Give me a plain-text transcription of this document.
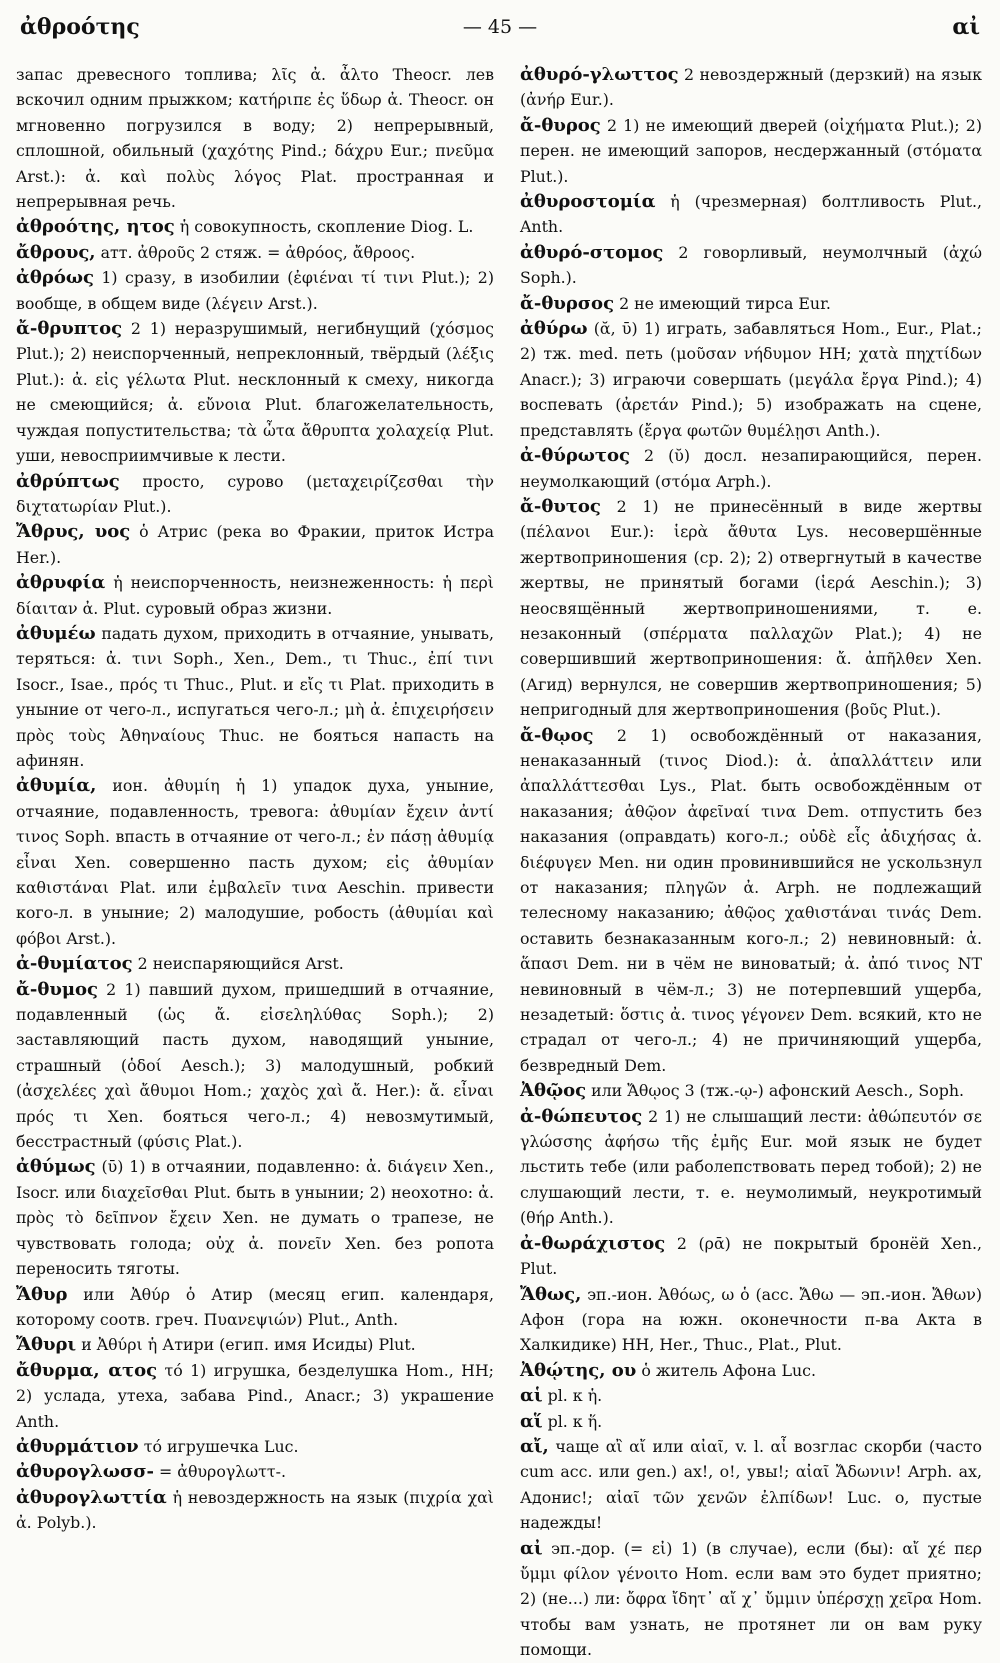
ἀθροότης	— 45 —	αἰ

запас древесного топлива; λῖς ἀ. ἆλτο Theocr. лев вскочил одним прыжком; κατήριπε ἐς ὕδωρ ἀ. Theocr. он мгновенно погрузился в воду; 2) непрерывный, сплошной, обильный (χαχότης Pind.; δάχρυ Eur.; πνεῦμα Arst.): ἀ. καὶ πολὺς λόγος Plat. пространная и непрерывная речь.

ἀθροότης, ητος ἡ совокупность, скопление Diog. L.

ἄθρους, атт. ἀθροῦς 2 стяж. = ἀθρόος, ἄθροος.

ἀθρόως 1) сразу, в изобилии (ἐφιέναι τί τινι Plut.); 2) вообще, в общем виде (λέγειν Arst.).

ἄ-θρυπτος 2 1) неразрушимый, негибнущий (χόσμος Plut.); 2) неиспорченный, непреклонный, твёрдый (λέξις Plut.): ἀ. εἰς γέλωτα Plut. несклонный к смеху, никогда не смеющийся; ἀ. εὔνοια Plut. благожелательность, чуждая попустительства; τὰ ὦτα ἄθρυπτα χολαχείᾳ Plut. уши, невосприимчивые к лести.

ἀθρύπτως просто, сурово (μεταχειρίζεσθαι τὴν διχτατωρίαν Plut.).

Ἄθρυς, υος ὁ Атрис (река во Фракии, приток Истра Her.).

ἀθρυφία ἡ неиспорченность, неизнеженность: ἡ περὶ δίαιταν ἀ. Plut. суровый образ жизни.

ἀθυμέω падать духом, приходить в отчаяние, унывать, теряться: ἀ. τινι Soph., Xen., Dem., τι Thuc., ἐπί τινι Isocr., Isae., πρός τι Thuc., Plut. и εἴς τι Plat. приходить в уныние от чего-л., испугаться чего-л.; μὴ ἀ. ἐπιχειρήσειν πρὸς τοὺς Ἀθηναίους Thuc. не бояться напасть на афинян.

ἀθυμία, ион. ἀθυμίη ἡ 1) упадок духа, уныние, отчаяние, подавленность, тревога: ἀθυμίαν ἔχειν ἀντί τινος Soph. впасть в отчаяние от чего-л.; ἐν πάσῃ ἀθυμίᾳ εἶναι Xen. совершенно пасть духом; εἰς ἀθυμίαν καθιστάναι Plat. или ἐμβαλεῖν τινα Aeschin. привести кого-л. в уныние; 2) малодушие, робость (ἀθυμίαι καὶ φόβοι Arst.).

ἀ-θυμίατος 2 неиспаряющийся Arst.

ἄ-θυμος 2 1) павший духом, пришедший в отчаяние, подавленный (ὡς ἄ. εἰσεληλύθας Soph.); 2) заставляющий пасть духом, наводящий уныние, страшный (ὁδοί Aesch.); 3) малодушный, робкий (ἀσχελέες χαὶ ἄθυμοι Hom.; χαχὸς χαὶ ἄ. Her.): ἄ. εἶναι πρός τι Xen. бояться чего-л.; 4) невозмутимый, бесстрастный (φύσις Plat.).

ἀθύμως (ῡ) 1) в отчаянии, подавленно: ἀ. διάγειν Xen., Isocr. или διαχεῖσθαι Plut. быть в унынии; 2) неохотно: ἀ. πρὸς τὸ δεῖπνον ἔχειν Xen. не думать о трапезе, не чувствовать голода; οὐχ ἀ. πονεῖν Xen. без ропота переносить тяготы.

Ἄθυρ или Ἀθύρ ὁ Атир (месяц егип. календаря, которому соотв. греч. Πυανεψιών) Plut., Anth.

Ἄθυρι и Ἀθύρι ἡ Атири (егип. имя Исиды) Plut.

ἄθυρμα, ατος τό 1) игрушка, безделушка Hom., HH; 2) услада, утеха, забава Pind., Anacr.; 3) украшение Anth.

ἀθυρμάτιον τό игрушечка Luc.

ἀθυρογλωσσ- = ἀθυρογλωττ-.

ἀθυρογλωττία ἡ невоздержность на язык (πιχρία χαὶ ἀ. Polyb.).

ἀθυρό-γλωττος 2 невоздержный (дерзкий) на язык (ἀνήρ Eur.).

ἄ-θυρος 2 1) не имеющий дверей (οἰχήματα Plut.); 2) перен. не имеющий запоров, несдержанный (στόματα Plut.).

ἀθυροστομία ἡ (чрезмерная) болтливость Plut., Anth.

ἀθυρό-στομος 2 говорливый, неумолчный (ἀχώ Soph.).

ἄ-θυρσος 2 не имеющий тирса Eur.

ἀθύρω (ᾰ, ῡ) 1) играть, забавляться Hom., Eur., Plat.; 2) тж. med. петь (μοῦσαν νήδυμον HH; χατὰ πηχτίδων Anacr.); 3) играючи совершать (μεγάλα ἔργα Pind.); 4) воспевать (ἀρετάν Pind.); 5) изображать на сцене, представлять (ἔργα φωτῶν θυμέλῃσι Anth.).

ἀ-θύρωτος 2 (ῠ) досл. незапирающийся, перен. неумолкающий (στόμα Arph.).

ἄ-θυτος 2 1) не принесённый в виде жертвы (πέλανοι Eur.): ἱερὰ ἄθυτα Lys. несовершённые жертвоприношения (ср. 2); 2) отвергнутый в качестве жертвы, не принятый богами (ἱερά Aeschin.); 3) неосвящённый жертвоприношениями, т. е. незаконный (σπέρματα παλλαχῶν Plat.); 4) не совершивший жертвоприношения: ἄ. ἀπῆλθεν Xen. (Агид) вернулся, не совершив жертвоприношения; 5) непригодный для жертвоприношения (βοῦς Plut.).

ἄ-θῳος 2 1) освобождённый от наказания, ненаказанный (τινος Diod.): ἀ. ἀπαλλάττειν или ἀπαλλάττεσθαι Lys., Plat. быть освобождённым от наказания; ἀθῷον ἀφεῖναί τινα Dem. отпустить без наказания (оправдать) кого-л.; οὐδὲ εἷς ἀδιχήσας ἀ. διέφυγεν Men. ни один провинившийся не ускользнул от наказания; πληγῶν ἀ. Arph. не подлежащий телесному наказанию; ἀθῷος χαθιστάναι τινάς Dem. оставить безнаказанным кого-л.; 2) невиновный: ἀ. ἅπασι Dem. ни в чём не виноватый; ἀ. ἀπό τινος NT невиновный в чём-л.; 3) не потерпевший ущерба, незадетый: ὅστις ἀ. τινος γέγονεν Dem. всякий, кто не страдал от чего-л.; 4) не причиняющий ущерба, безвредный Dem.

Ἀθῷος или Ἄθῳος 3 (тж.-ῳ-) афонский Aesch., Soph.

ἀ-θώπευτος 2 1) не слышащий лести: ἀθώπευτόν σε γλώσσης ἀφήσω τῆς ἐμῆς Eur. мой язык не будет льстить тебе (или раболепствовать перед тобой); 2) не слушающий лести, т. е. неумолимый, неукротимый (θήρ Anth.).

ἀ-θωράχιστος 2 (ρᾱ) не покрытый бронёй Xen., Plut.

Ἄθως, эп.-ион. Ἀθόως, ω ὁ (acc. Ἄθω — эп.-ион. Ἄθων) Афон (гора на южн. оконечности п-ва Акта в Халкидике) HH, Her., Thuc., Plat., Plut.

Ἀθῴτης, ου ὁ житель Афона Luc.

αἱ pl. к ἡ.

αἵ pl. к ἥ.

αἴ, чаще αἲ αἴ или αἰαῖ, v. l. αἶ возглас скорби (часто cum acc. или gen.) ах!, о!, увы!; αἰαῖ Ἄδωνιν! Arph. ах, Адонис!; αἰαῖ τῶν χενῶν ἐλπίδων! Luc. о, пустые надежды!

αἰ эп.-дор. (= εἰ) 1) (в случае), если (бы): αἴ χέ περ ὔμμι φίλον γένοιτο Hom. если вам это будет приятно; 2) (не...) ли: ὄφρα ἴδητ᾽ αἴ χ᾽ ὔμμιν ὑπέρσχῃ χεῖρα Hom. чтобы вам узнать, не протянет ли он вам руку помощи.
